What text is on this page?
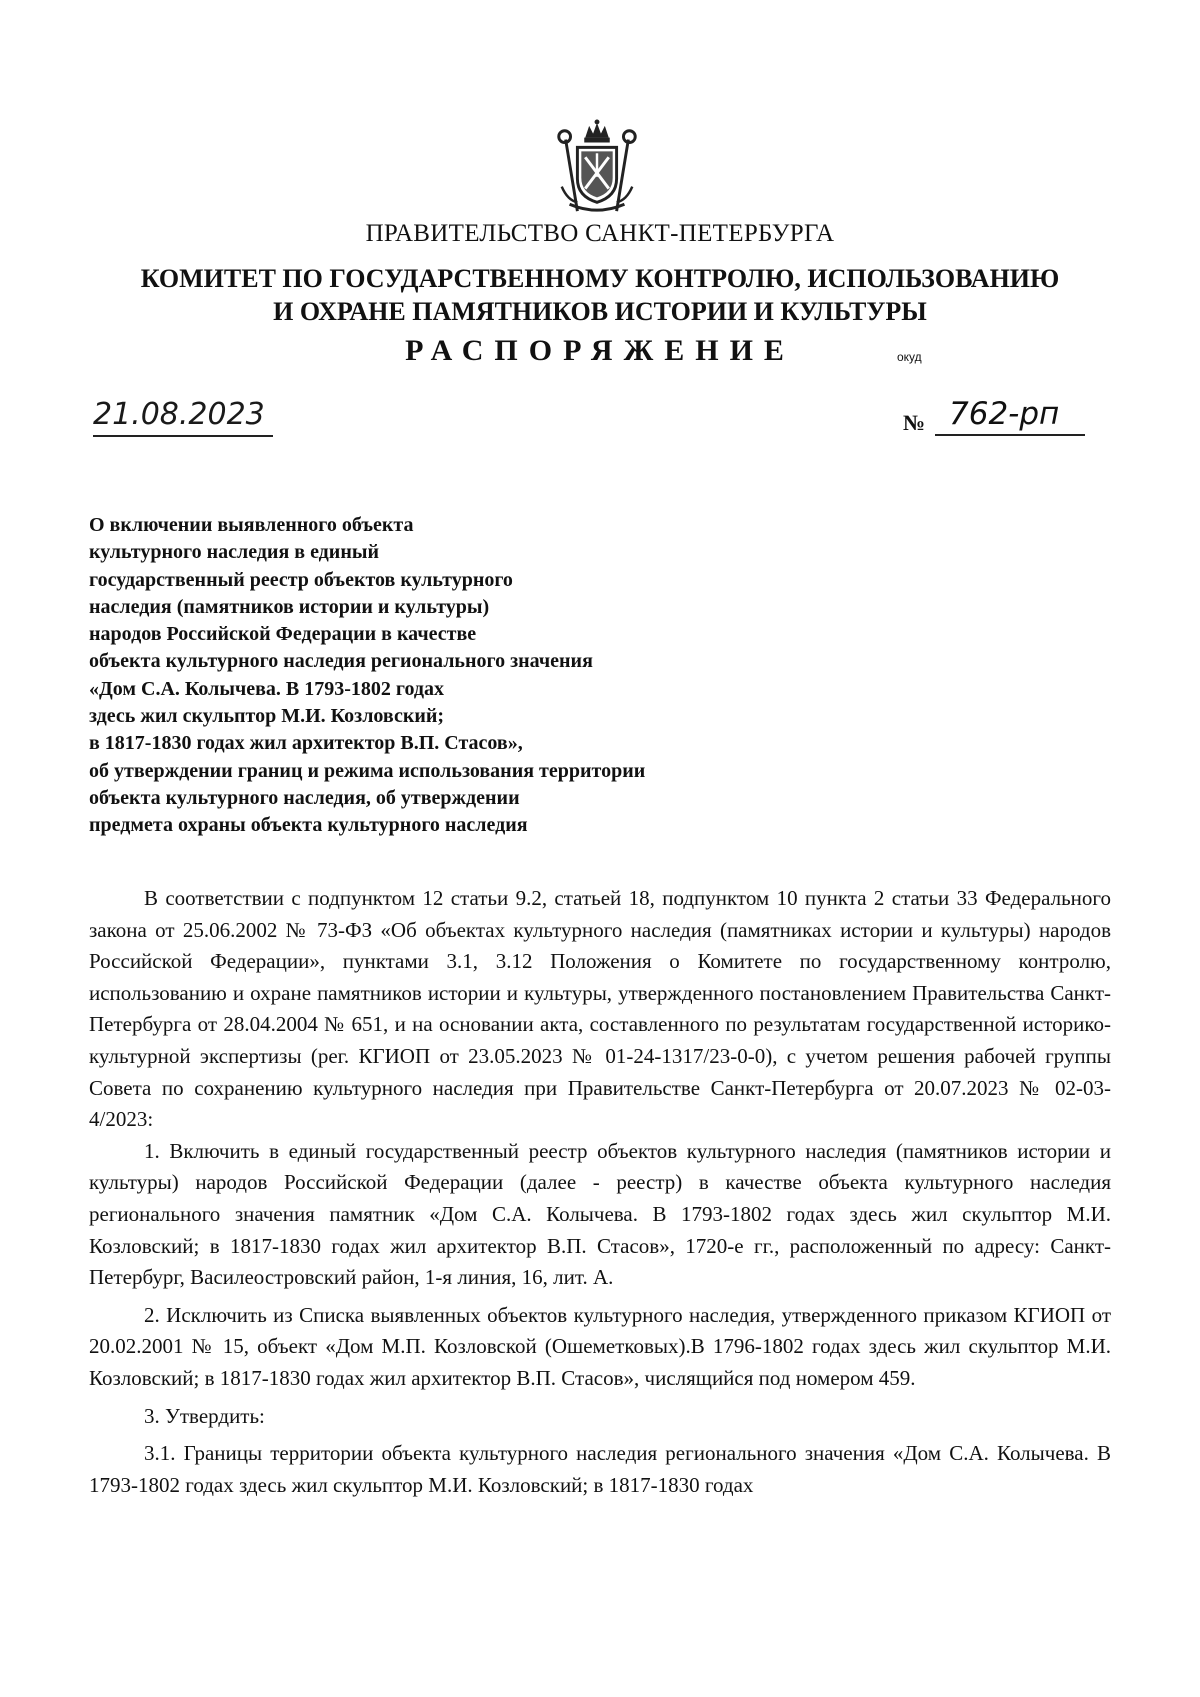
ПРАВИТЕЛЬСТВО САНКТ-ПЕТЕРБУРГА
КОМИТЕТ ПО ГОСУДАРСТВЕННОМУ КОНТРОЛЮ, ИСПОЛЬЗОВАНИЮ
И ОХРАНЕ ПАМЯТНИКОВ ИСТОРИИ И КУЛЬТУРЫ
РАСПОРЯЖЕНИЕ	окуд
21.08.2023	№ 762-рп
О включении выявленного объекта
культурного наследия в единый
государственный реестр объектов культурного
наследия (памятников истории и культуры)
народов Российской Федерации в качестве
объекта культурного наследия регионального значения
«Дом С.А. Колычева. В 1793-1802 годах
здесь жил скульптор М.И. Козловский;
в 1817-1830 годах жил архитектор В.П. Стасов»,
об утверждении границ и режима использования территории
объекта культурного наследия, об утверждении
предмета охраны объекта культурного наследия

В соответствии с подпунктом 12 статьи 9.2, статьей 18, подпунктом 10 пункта 2 статьи 33 Федерального закона от 25.06.2002 № 73-ФЗ «Об объектах культурного наследия (памятниках истории и культуры) народов Российской Федерации», пунктами 3.1, 3.12 Положения о Комитете по государственному контролю, использованию и охране памятников истории и культуры, утвержденного постановлением Правительства Санкт-Петербурга от 28.04.2004 № 651, и на основании акта, составленного по результатам государственной историко-культурной экспертизы (рег. КГИОП от 23.05.2023 № 01-24-1317/23-0-0), с учетом решения рабочей группы Совета по сохранению культурного наследия при Правительстве Санкт-Петербурга от 20.07.2023 № 02-03-4/2023:

1. Включить в единый государственный реестр объектов культурного наследия (памятников истории и культуры) народов Российской Федерации (далее - реестр) в качестве объекта культурного наследия регионального значения памятник «Дом С.А. Колычева. В 1793-1802 годах здесь жил скульптор М.И. Козловский; в 1817-1830 годах жил архитектор В.П. Стасов», 1720-е гг., расположенный по адресу: Санкт-Петербург, Василеостровский район, 1-я линия, 16, лит. А.

2. Исключить из Списка выявленных объектов культурного наследия, утвержденного приказом КГИОП от 20.02.2001 № 15, объект «Дом М.П. Козловской (Ошеметковых).В 1796-1802 годах здесь жил скульптор М.И. Козловский; в 1817-1830 годах жил архитектор В.П. Стасов», числящийся под номером 459.

3. Утвердить:

3.1. Границы территории объекта культурного наследия регионального значения «Дом С.А. Колычева. В 1793-1802 годах здесь жил скульптор М.И. Козловский; в 1817-1830 годах
